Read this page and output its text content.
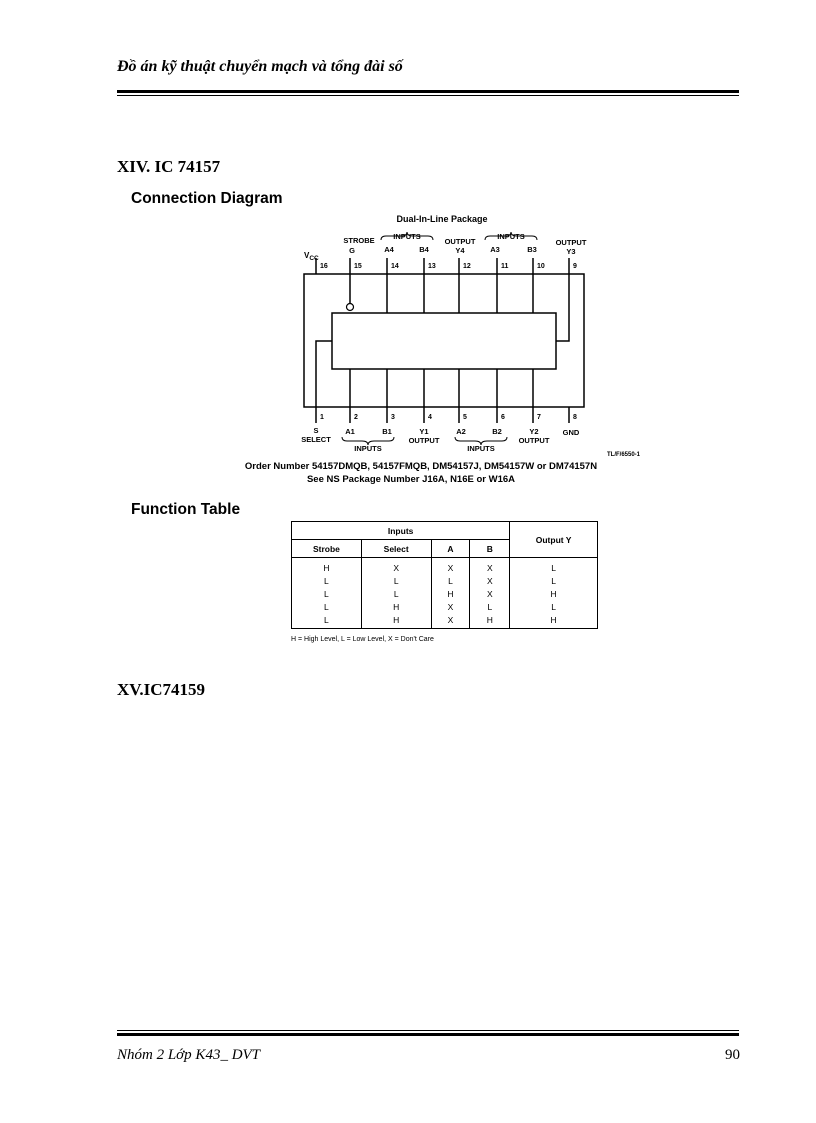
Đồ án kỹ thuật chuyển mạch và tổng đài số
XIV. IC 74157
Connection Diagram
Dual-In-Line Package
INPUTS	INPUTS
$V_{CC}$
STROBE
G	A4	B4
OUTPUT
Y4	A3	B3
OUTPUT
Y3
16	15	14	13	12	11	10	9
1	2	3	4	5	6	7	8
S
SELECT
A1	B1	Y1
OUTPUT
A2	B2	Y2
OUTPUT
GND
INPUTS	INPUTS
TL/F/6550-1
Order Number 54157DMQB, 54157FMQB, DM54157J, DM54157W or DM74157N
See NS Package Number J16A, N16E or W16A
Function Table
Inputs				Output Y
Strobe	Select	A	B	
H	X	X	X	L
L	L	L	X	L
L	L	H	X	H
L	H	X	L	L
L	H	X	H	H
H = High Level, L = Low Level, X = Don't Care
XV.IC74159
Nhóm 2 Lớp K43_ DVT	90
